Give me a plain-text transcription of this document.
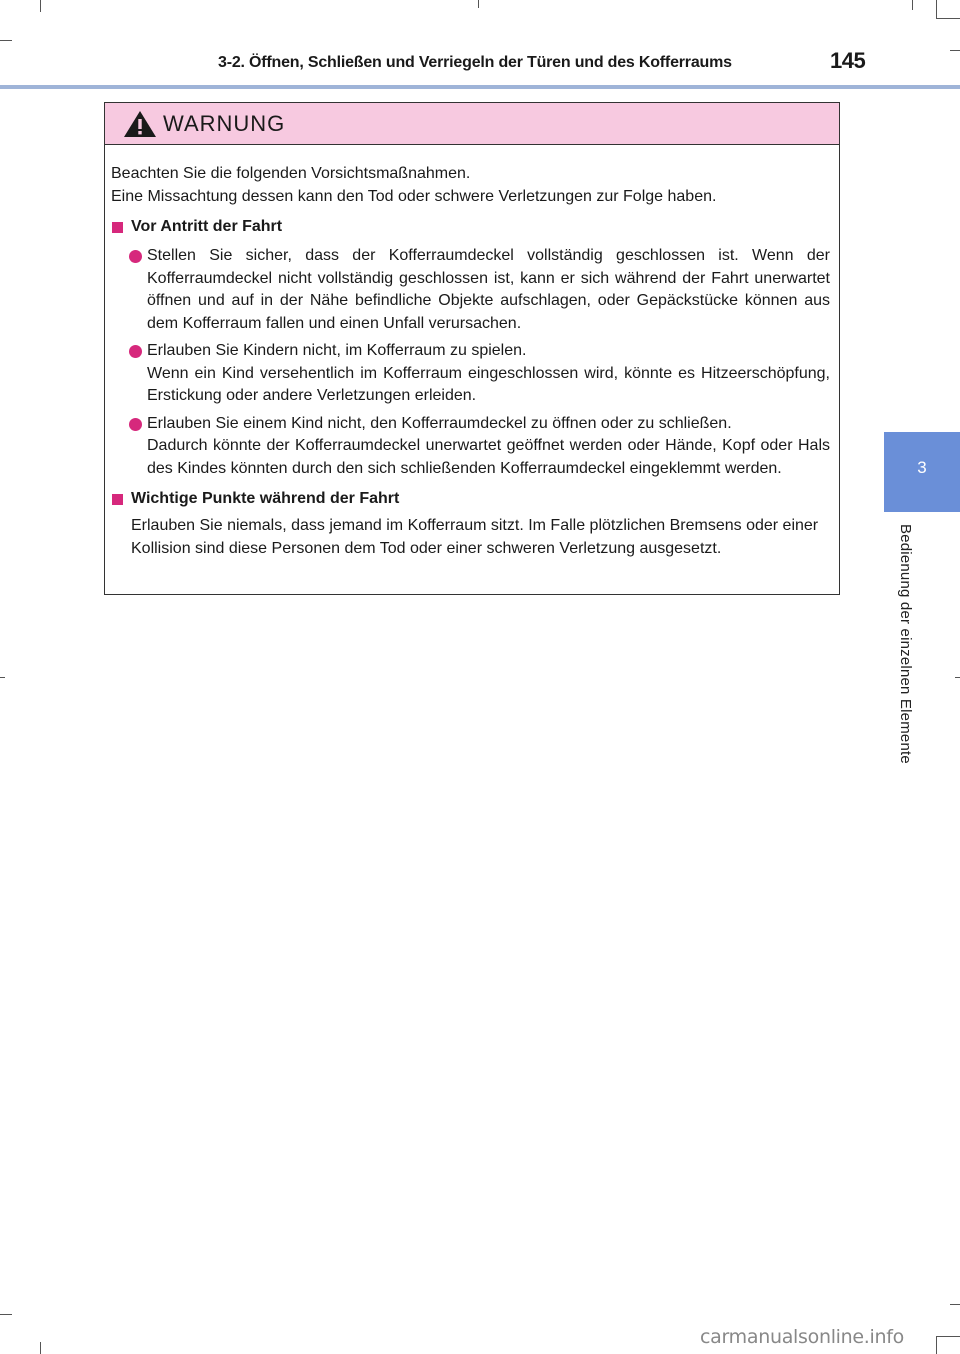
3-2. Öffnen, Schließen und Verriegeln der Türen und des Kofferraums	145
3
Bedienung der einzelnen Elemente
WARNUNG

Beachten Sie die folgenden Vorsichtsmaßnahmen.

Eine Missachtung dessen kann den Tod oder schwere Verletzungen zur Folge haben.

Vor Antritt der Fahrt

Stellen Sie sicher, dass der Kofferraumdeckel vollständig geschlossen ist. Wenn der Kofferraumdeckel nicht vollständig geschlossen ist, kann er sich während der Fahrt unerwartet öffnen und auf in der Nähe befindliche Objekte aufschlagen, oder Gepäckstücke können aus dem Kofferraum fallen und einen Unfall verursachen.

Erlauben Sie Kindern nicht, im Kofferraum zu spielen.

Wenn ein Kind versehentlich im Kofferraum eingeschlossen wird, könnte es Hitzeerschöpfung, Erstickung oder andere Verletzungen erleiden.

Erlauben Sie einem Kind nicht, den Kofferraumdeckel zu öffnen oder zu schließen.

Dadurch könnte der Kofferraumdeckel unerwartet geöffnet werden oder Hände, Kopf oder Hals des Kindes könnten durch den sich schließenden Kofferraumdeckel eingeklemmt werden.

Wichtige Punkte während der Fahrt

Erlauben Sie niemals, dass jemand im Kofferraum sitzt. Im Falle plötzlichen Bremsens oder einer Kollision sind diese Personen dem Tod oder einer schweren Verletzung ausgesetzt.

carmanualsonline.info
